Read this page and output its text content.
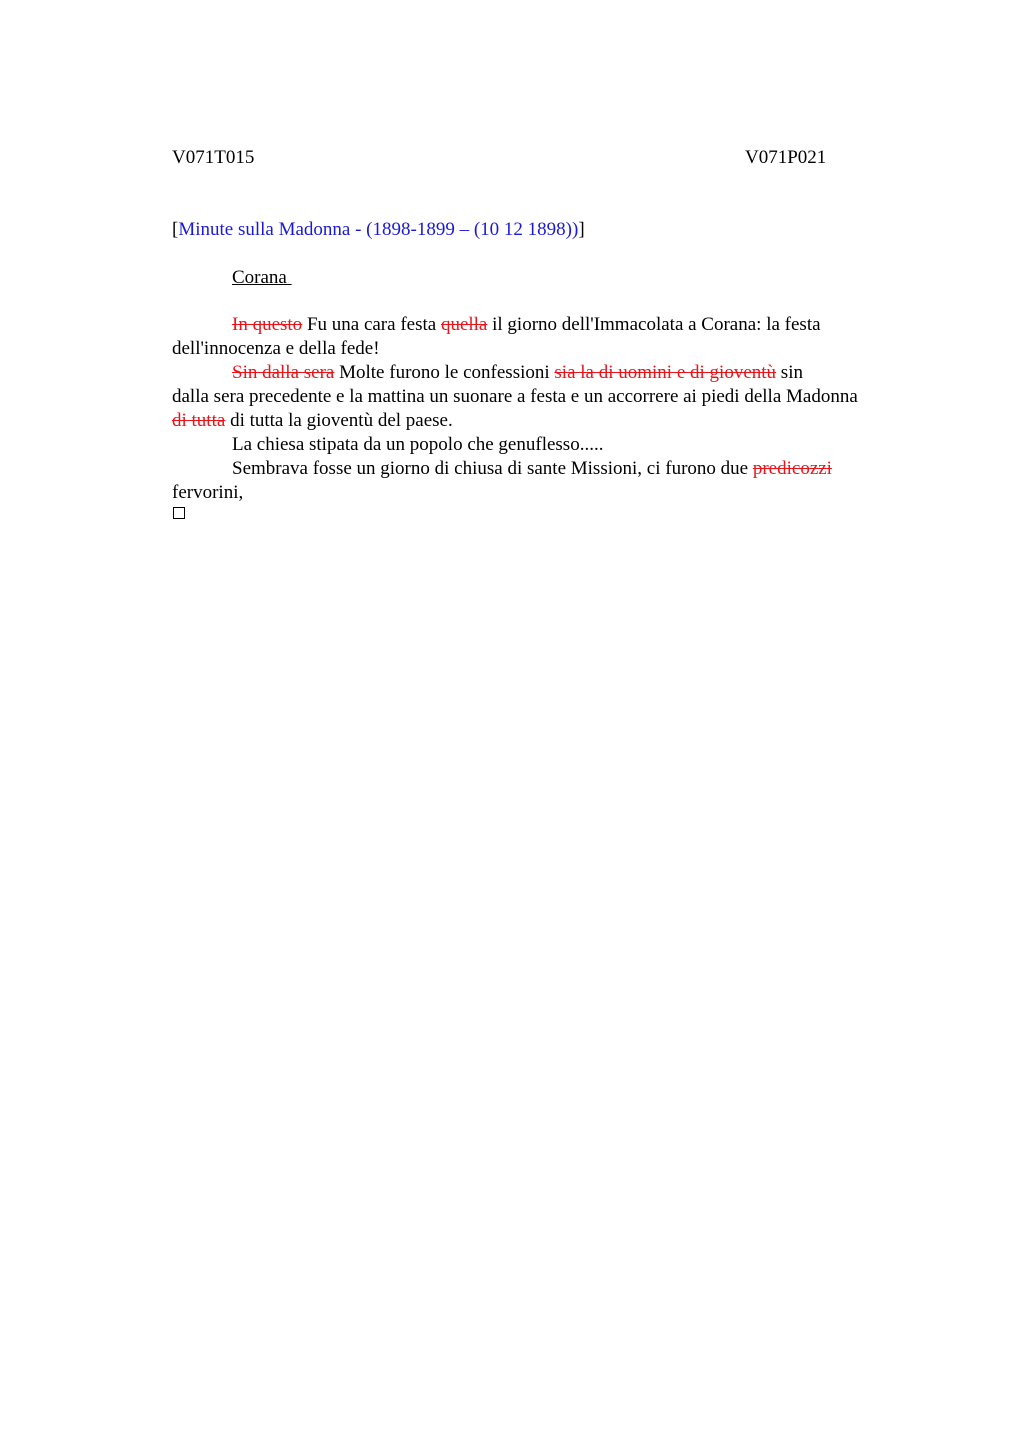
V071T015	V071P021
[Minute sulla Madonna - (1898-1899 – (10 12 1898))]
Corana
In questo Fu una cara festa quella il giorno dell'Immacolata a Corana: la festa
dell'innocenza e della fede!
Sin dalla sera Molte furono le confessioni sia la di uomini e di gioventù sin
dalla sera precedente e la mattina un suonare a festa e un accorrere ai piedi della Madonna
di tutta di tutta la gioventù del paese.
La chiesa stipata da un popolo che genuflesso.....
Sembrava fosse un giorno di chiusa di sante Missioni, ci furono due predicozzi
fervorini,
